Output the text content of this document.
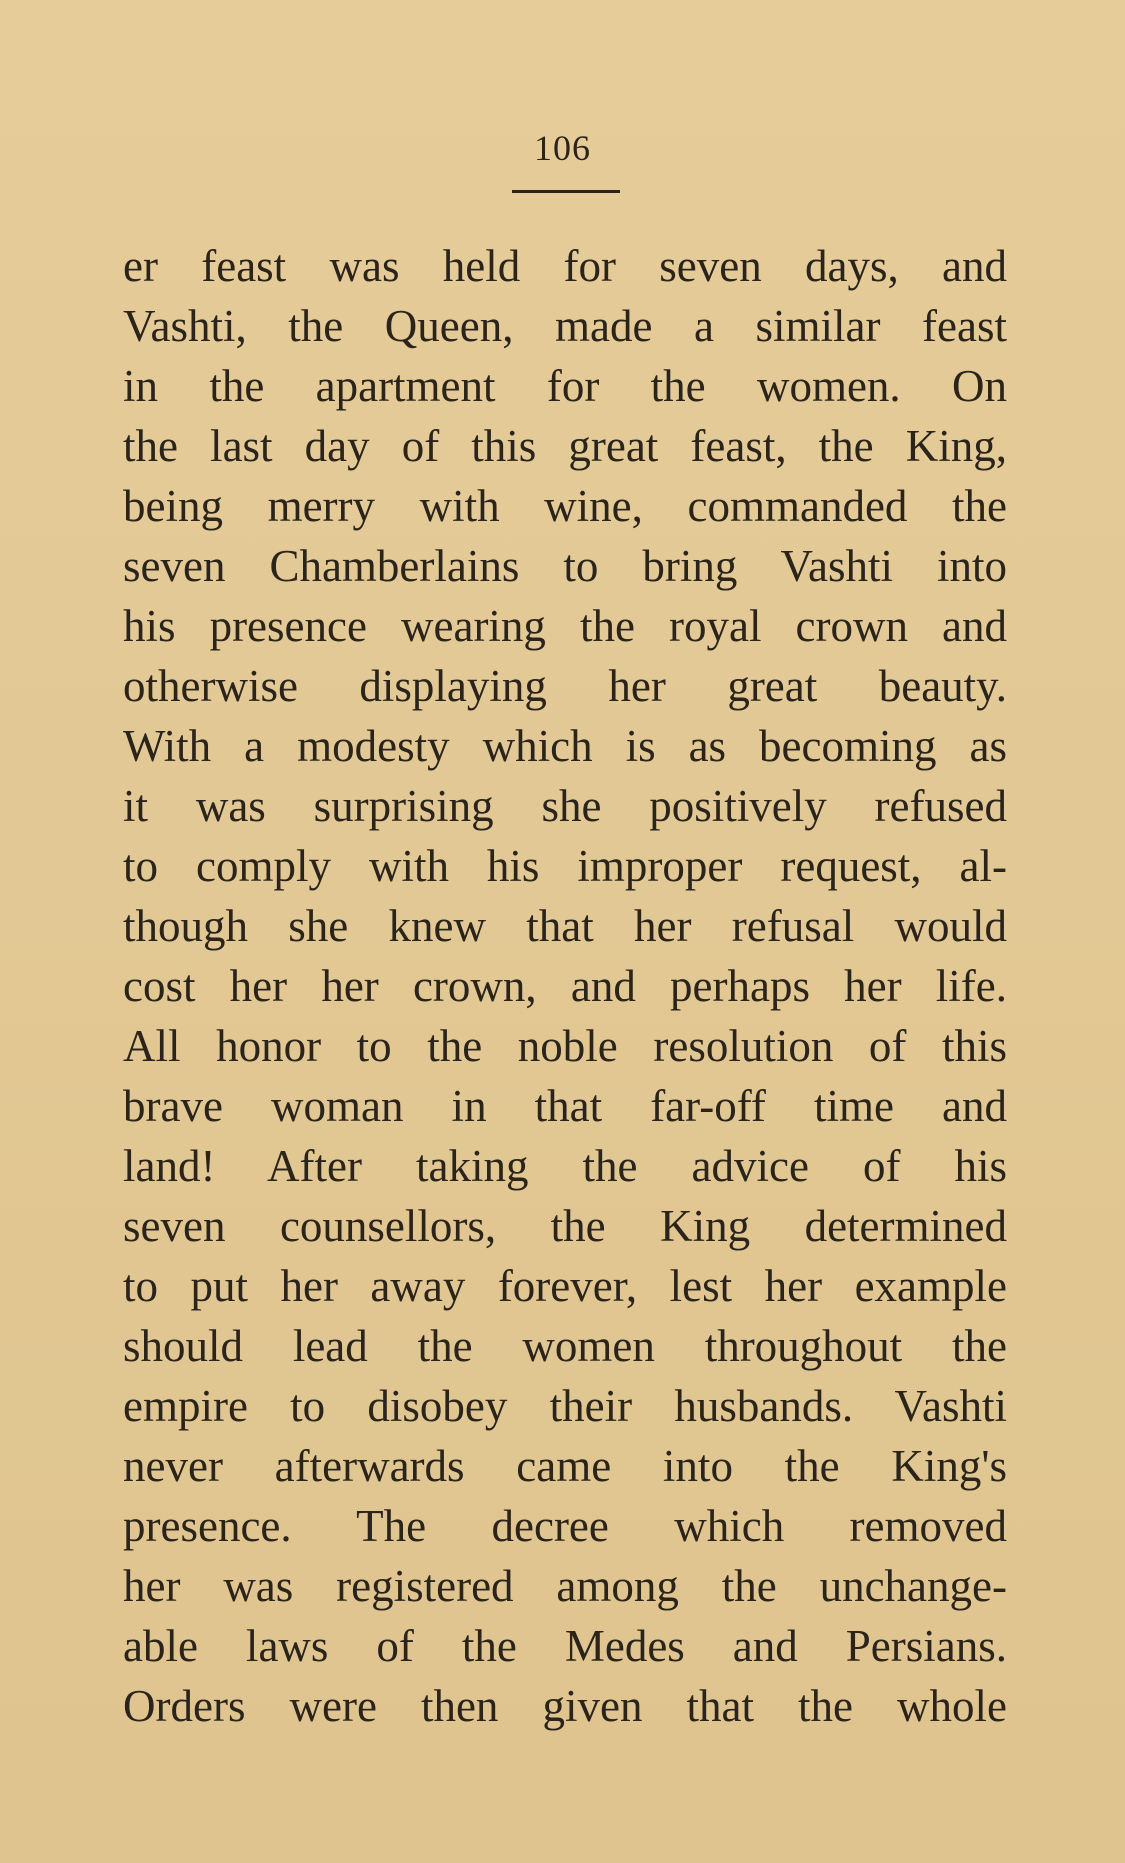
106
er feast was held for seven days, and
Vashti, the Queen, made a similar feast
in the apartment for the women. On
the last day of this great feast, the King,
being merry with wine, commanded the
seven Chamberlains to bring Vashti into
his presence wearing the royal crown and
otherwise displaying her great beauty.
With a modesty which is as becoming as
it was surprising she positively refused
to comply with his improper request, al-
though she knew that her refusal would
cost her her crown, and perhaps her life.
All honor to the noble resolution of this
brave woman in that far-off time and
land! After taking the advice of his
seven counsellors, the King determined
to put her away forever, lest her example
should lead the women throughout the
empire to disobey their husbands. Vashti
never afterwards came into the King's
presence. The decree which removed
her was registered among the unchange-
able laws of the Medes and Persians.
Orders were then given that the whole
